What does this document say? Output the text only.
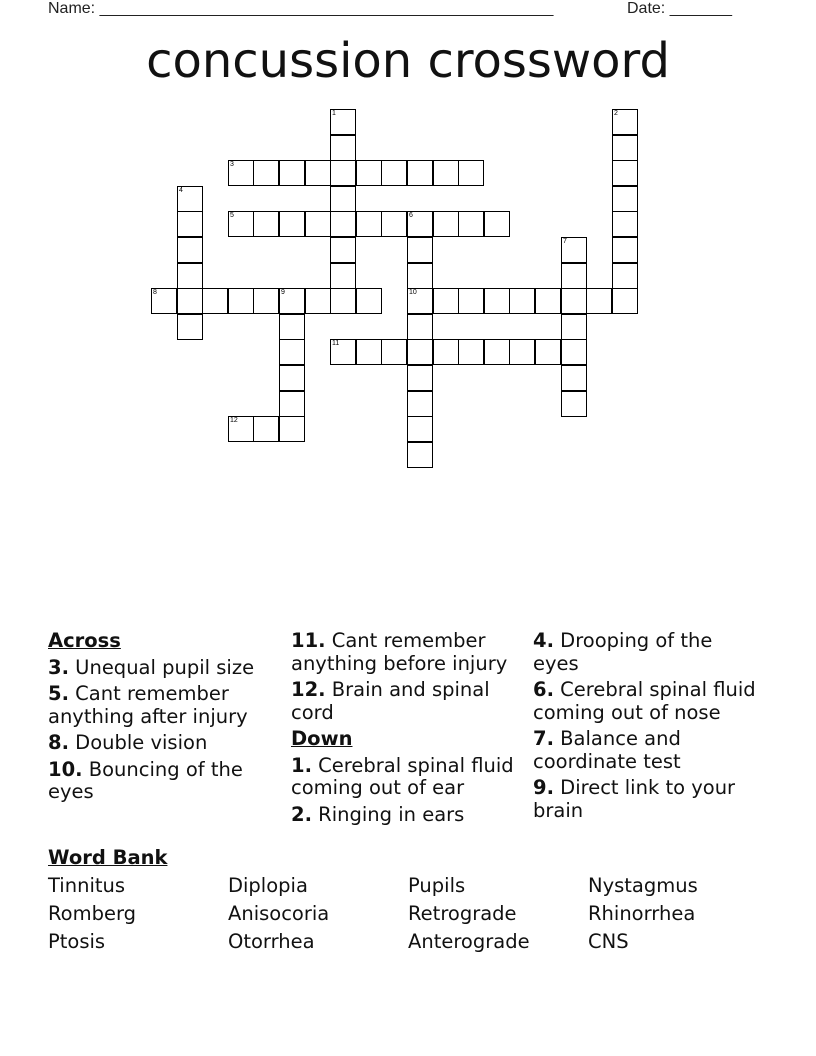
Name: ___________________________________________________	Date: _______
concussion crossword
1	2
3
4
5	6
10
7
8	9
11
12
Across
3. Unequal pupil size
5. Cant remember anything after injury
8. Double vision
10. Bouncing of the eyes
11. Cant remember anything before injury
12. Brain and spinal cord
Down
1. Cerebral spinal fluid coming out of ear
2. Ringing in ears
4. Drooping of the eyes
6. Cerebral spinal fluid coming out of nose
7. Balance and coordinate test
9. Direct link to your brain
Word Bank
Tinnitus	Diplopia	Pupils	Nystagmus
Romberg	Anisocoria	Retrograde	Rhinorrhea
Ptosis	Otorrhea	Anterograde	CNS
